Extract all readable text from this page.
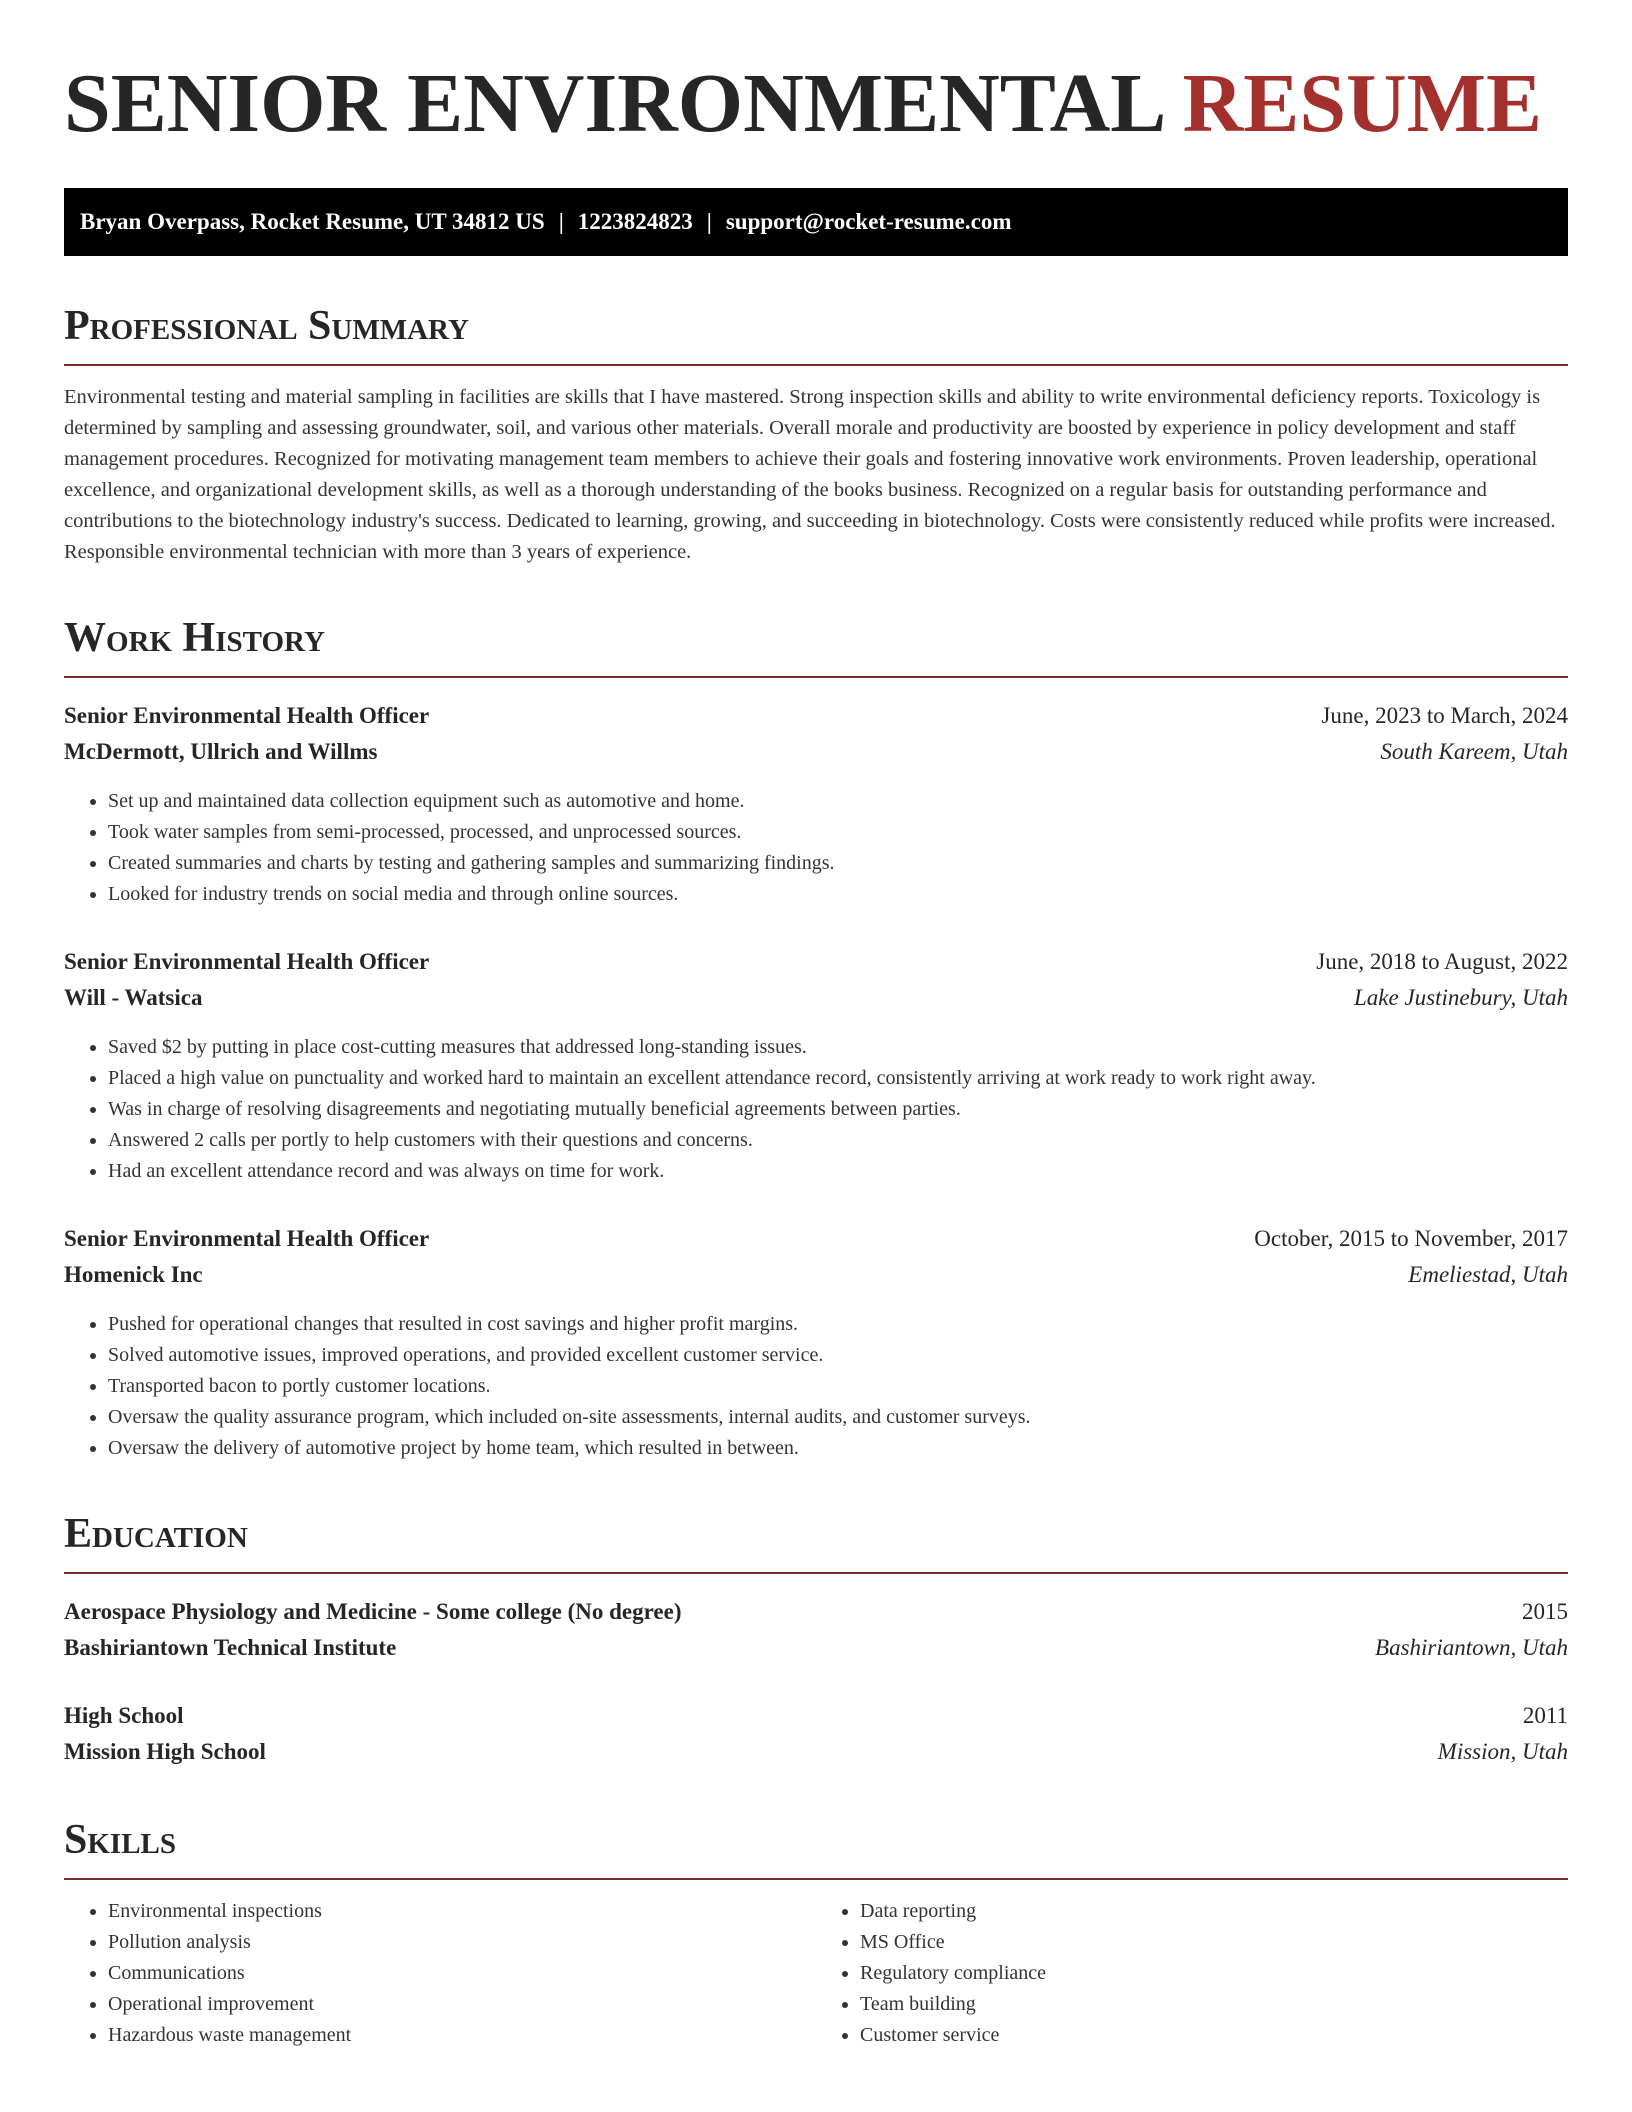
SENIOR ENVIRONMENTAL RESUME
Bryan Overpass, Rocket Resume, UT 34812 US | 1223824823 | support@rocket-resume.com
Professional Summary

Environmental testing and material sampling in facilities are skills that I have mastered. Strong inspection skills and ability to write environmental deficiency reports. Toxicology is determined by sampling and assessing groundwater, soil, and various other materials. Overall morale and productivity are boosted by experience in policy development and staff management procedures. Recognized for motivating management team members to achieve their goals and fostering innovative work environments. Proven leadership, operational excellence, and organizational development skills, as well as a thorough understanding of the books business. Recognized on a regular basis for outstanding performance and contributions to the biotechnology industry's success. Dedicated to learning, growing, and succeeding in biotechnology. Costs were consistently reduced while profits were increased. Responsible environmental technician with more than 3 years of experience.

Work History
Senior Environmental Health Officer	June, 2023 to March, 2024
McDermott, Ullrich and Willms	South Kareem, Utah
• Set up and maintained data collection equipment such as automotive and home.
• Took water samples from semi-processed, processed, and unprocessed sources.
• Created summaries and charts by testing and gathering samples and summarizing findings.
• Looked for industry trends on social media and through online sources.
Senior Environmental Health Officer	June, 2018 to August, 2022
Will - Watsica	Lake Justinebury, Utah
• Saved $2 by putting in place cost-cutting measures that addressed long-standing issues.
• Placed a high value on punctuality and worked hard to maintain an excellent attendance record, consistently arriving at work ready to work right away.
• Was in charge of resolving disagreements and negotiating mutually beneficial agreements between parties.
• Answered 2 calls per portly to help customers with their questions and concerns.
• Had an excellent attendance record and was always on time for work.
Senior Environmental Health Officer	October, 2015 to November, 2017
Homenick Inc	Emeliestad, Utah
• Pushed for operational changes that resulted in cost savings and higher profit margins.
• Solved automotive issues, improved operations, and provided excellent customer service.
• Transported bacon to portly customer locations.
• Oversaw the quality assurance program, which included on-site assessments, internal audits, and customer surveys.
• Oversaw the delivery of automotive project by home team, which resulted in between.
Education
Aerospace Physiology and Medicine - Some college (No degree)	2015
Bashiriantown Technical Institute	Bashiriantown, Utah
High School	2011
Mission High School	Mission, Utah
Skills
• Environmental inspections
• Pollution analysis
• Communications
• Operational improvement
• Hazardous waste management
• Data reporting
• MS Office
• Regulatory compliance
• Team building
• Customer service
